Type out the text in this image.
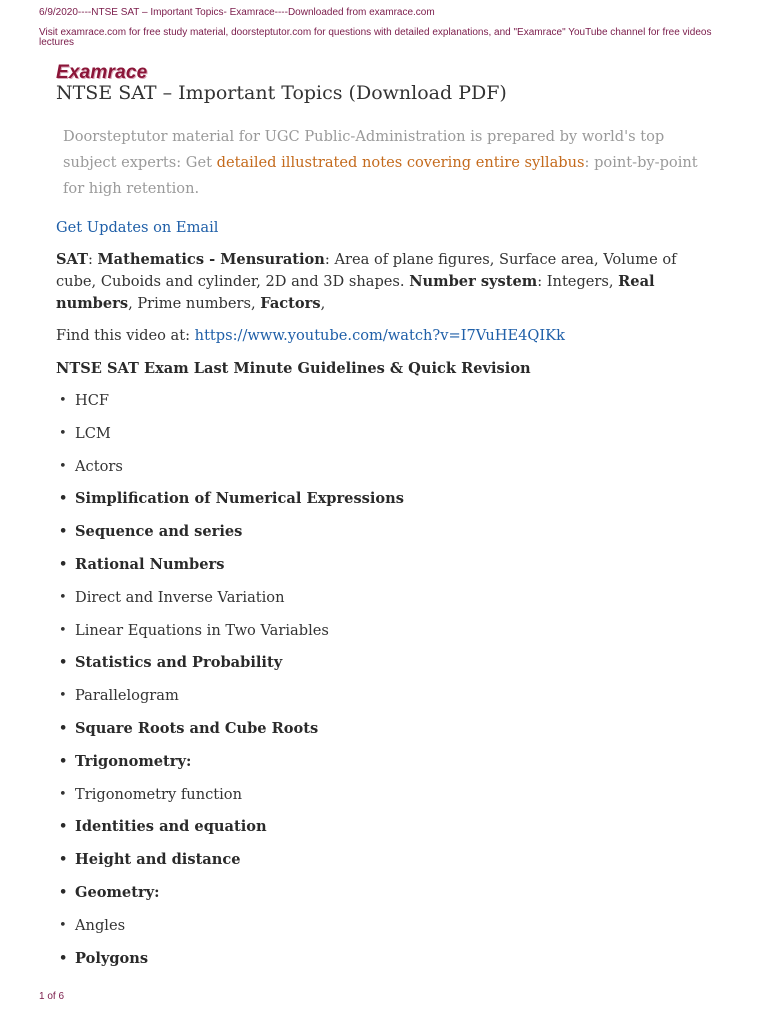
6/9/2020----NTSE SAT – Important Topics- Examrace----Downloaded from examrace.com
Visit examrace.com for free study material, doorsteptutor.com for questions with detailed explanations, and "Examrace" YouTube channel for free videos lectures
Examrace
NTSE SAT – Important Topics (Download PDF)
Doorsteptutor material for UGC Public-Administration is prepared by world's top subject experts: Get detailed illustrated notes covering entire syllabus: point-by-point for high retention.
Get Updates on Email

SAT: Mathematics - Mensuration: Area of plane figures, Surface area, Volume of cube, Cuboids and cylinder, 2D and 3D shapes. Number system: Integers, Real numbers, Prime numbers, Factors,

Find this video at: https://www.youtube.com/watch?v=I7VuHE4QIKk

NTSE SAT Exam Last Minute Guidelines & Quick Revision

• HCF
• LCM
• Actors
• Simplification of Numerical Expressions
• Sequence and series
• Rational Numbers
• Direct and Inverse Variation
• Linear Equations in Two Variables
• Statistics and Probability
• Parallelogram
• Square Roots and Cube Roots
• Trigonometry:
• Trigonometry function
• Identities and equation
• Height and distance
• Geometry:
• Angles
• Polygons
1 of 6
